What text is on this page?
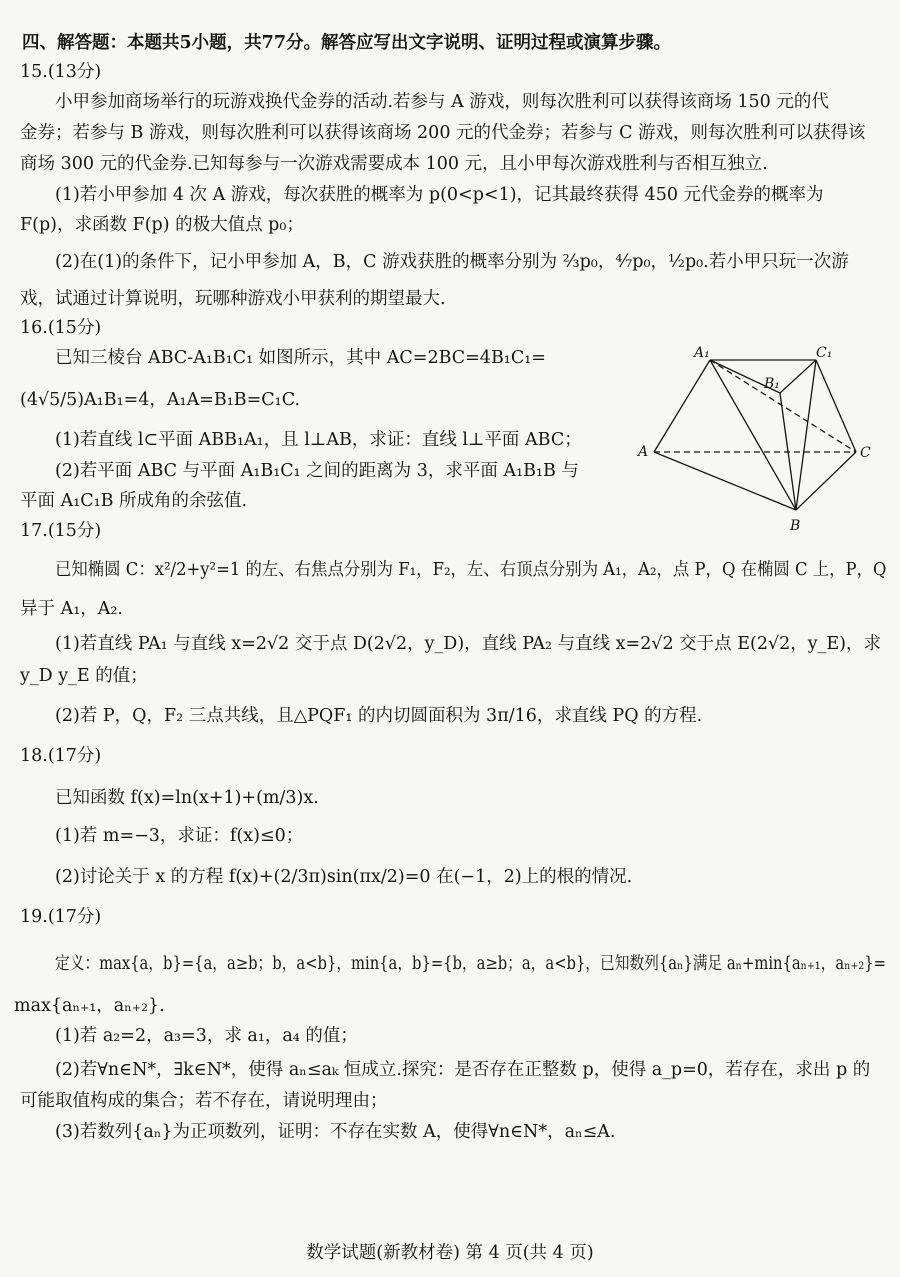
四、解答题：本题共5小题，共77分。解答应写出文字说明、证明过程或演算步骤。
15.(13分)
小甲参加商场举行的玩游戏换代金券的活动.若参与 A 游戏，则每次胜利可以获得该商场 150 元的代
金券；若参与 B 游戏，则每次胜利可以获得该商场 200 元的代金券；若参与 C 游戏，则每次胜利可以获得该
商场 300 元的代金券.已知每参与一次游戏需要成本 100 元，且小甲每次游戏胜利与否相互独立.
(1)若小甲参加 4 次 A 游戏，每次获胜的概率为 p(0<p<1)，记其最终获得 450 元代金券的概率为
F(p)，求函数 F(p) 的极大值点 p₀；
(2)在(1)的条件下，记小甲参加 A，B，C 游戏获胜的概率分别为 ²⁄₃p₀，⁴⁄₇p₀，¹⁄₂p₀.若小甲只玩一次游
戏，试通过计算说明，玩哪种游戏小甲获利的期望最大.
16.(15分)
已知三棱台 ABC-A₁B₁C₁ 如图所示，其中 AC=2BC=4B₁C₁=
(4√5/5)A₁B₁=4，A₁A=B₁B=C₁C.
(1)若直线 l⊂平面 ABB₁A₁，且 l⊥AB，求证：直线 l⊥平面 ABC；
(2)若平面 ABC 与平面 A₁B₁C₁ 之间的距离为 3，求平面 A₁B₁B 与
平面 A₁C₁B 所成角的余弦值.
A₁	C₁
B₁
A	C
B
17.(15分)
已知椭圆 C：x²/2+y²=1 的左、右焦点分别为 F₁，F₂，左、右顶点分别为 A₁，A₂，点 P，Q 在椭圆 C 上，P，Q
异于 A₁，A₂.
(1)若直线 PA₁ 与直线 x=2√2 交于点 D(2√2，y_D)，直线 PA₂ 与直线 x=2√2 交于点 E(2√2，y_E)，求
y_D y_E 的值；
(2)若 P，Q，F₂ 三点共线，且△PQF₁ 的内切圆面积为 3π/16，求直线 PQ 的方程.
18.(17分)
已知函数 f(x)=ln(x+1)+(m/3)x.
(1)若 m=−3，求证：f(x)≤0；
(2)讨论关于 x 的方程 f(x)+(2/3π)sin(πx/2)=0 在(−1，2)上的根的情况.
19.(17分)
定义：max{a，b}={a，a≥b；b，a<b}，min{a，b}={b，a≥b；a，a<b}，已知数列{aₙ}满足 aₙ+min{aₙ₊₁，aₙ₊₂}=
max{aₙ₊₁，aₙ₊₂}.
(1)若 a₂=2，a₃=3，求 a₁，a₄ 的值；
(2)若∀n∈N*，∃k∈N*，使得 aₙ≤aₖ 恒成立.探究：是否存在正整数 p，使得 a_p=0，若存在，求出 p 的
可能取值构成的集合；若不存在，请说明理由；
(3)若数列{aₙ}为正项数列，证明：不存在实数 A，使得∀n∈N*，aₙ≤A.
数学试题(新教材卷) 第 4 页(共 4 页)
